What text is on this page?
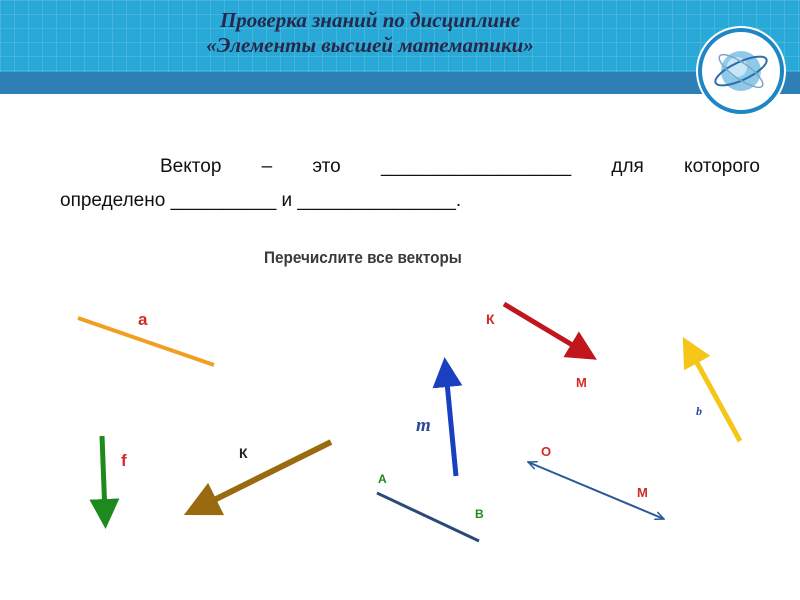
Проверка знаний по дисциплине
«Элементы высшей математики»
Вектор – это __________________ для которого
определено __________ и _______________.
Перечислите все векторы
a	К
М
b
m
f	К
А
В
О
М
